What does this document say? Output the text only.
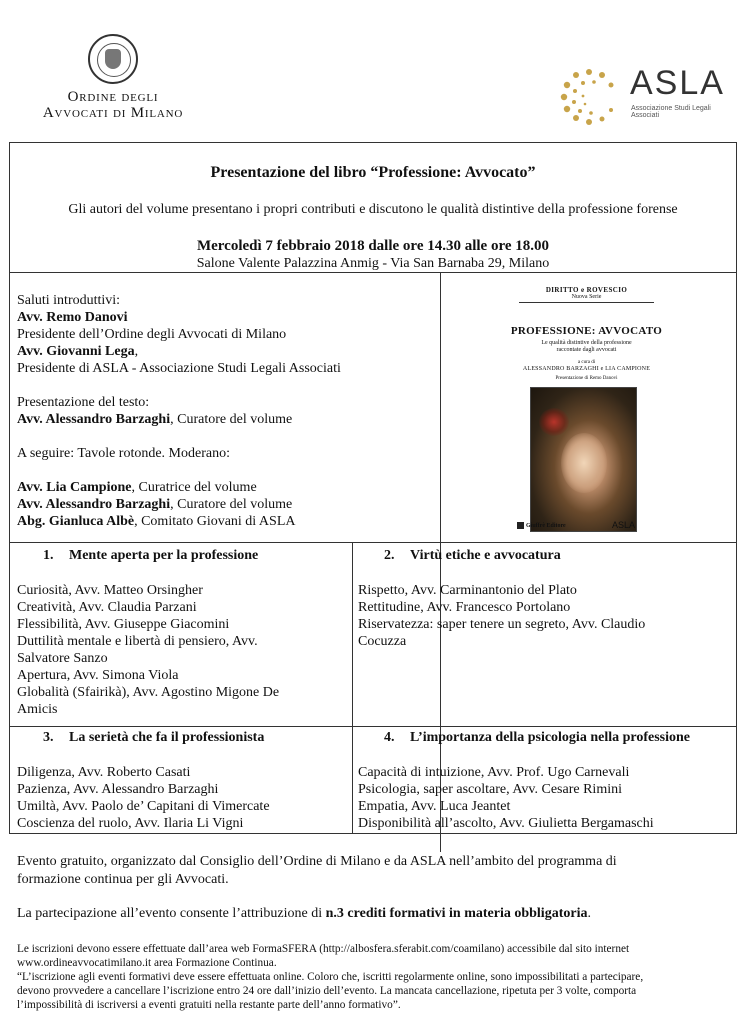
Ordine degli
Avvocati di Milano
ASLA
Associazione Studi Legali Associati
Presentazione del libro “Professione: Avvocato”
Gli autori del volume presentano i propri contributi e discutono le qualità distintive della professione forense
Mercoledì 7 febbraio 2018 dalle ore 14.30 alle ore 18.00
Salone Valente Palazzina Anmig - Via San Barnaba 29, Milano
Saluti introduttivi:
Avv. Remo Danovi
Presidente dell’Ordine degli Avvocati di Milano
Avv. Giovanni Lega,
Presidente di ASLA - Associazione Studi Legali Associati
Presentazione del testo:
Avv. Alessandro Barzaghi, Curatore del volume
A seguire: Tavole rotonde. Moderano:
Avv. Lia Campione, Curatrice del volume
Avv. Alessandro Barzaghi, Curatore del volume
Abg. Gianluca Albè, Comitato Giovani di ASLA
DIRITTO e ROVESCIO
Nuova Serie
PROFESSIONE: AVVOCATO
Le qualità distintive della professione
raccontate dagli avvocati
a cura di
ALESSANDRO BARZAGHI e LIA CAMPIONE
Presentazione di Remo Danovi
Giuffrè Editore	ASLA
1. Mente aperta per la professione
Curiosità, Avv. Matteo Orsingher
Creatività, Avv. Claudia Parzani
Flessibilità, Avv. Giuseppe Giacomini
Duttilità mentale e libertà di pensiero, Avv.
Salvatore Sanzo
Apertura, Avv. Simona Viola
Globalità (Sfairikà), Avv. Agostino Migone De
Amicis
2. Virtù etiche e avvocatura
Rispetto, Avv. Carminantonio del Plato
Rettitudine, Avv. Francesco Portolano
Riservatezza: saper tenere un segreto, Avv. Claudio
Cocuzza
3. La serietà che fa il professionista
Diligenza, Avv. Roberto Casati
Pazienza, Avv. Alessandro Barzaghi
Umiltà, Avv. Paolo de’ Capitani di Vimercate
Coscienza del ruolo, Avv. Ilaria Li Vigni
4. L’importanza della psicologia nella professione
Capacità di intuizione, Avv. Prof. Ugo Carnevali
Psicologia, saper ascoltare, Avv. Cesare Rimini
Empatia, Avv. Luca Jeantet
Disponibilità all’ascolto, Avv. Giulietta Bergamaschi
Evento gratuito, organizzato dal Consiglio dell’Ordine di Milano e da ASLA nell’ambito del programma di
formazione continua per gli Avvocati.
La partecipazione all’evento consente l’attribuzione di n.3 crediti formativi in materia obbligatoria.
Le iscrizioni devono essere effettuate dall’area web FormaSFERA (http://albosfera.sferabit.com/coamilano) accessibile dal sito internet
www.ordineavvocatimilano.it area Formazione Continua.
“L’iscrizione agli eventi formativi deve essere effettuata online. Coloro che, iscritti regolarmente online, sono impossibilitati a partecipare,
devono provvedere a cancellare l’iscrizione entro 24 ore dall’inizio dell’evento. La mancata cancellazione, ripetuta per 3 volte, comporta
l’impossibilità di iscriversi a eventi gratuiti nella restante parte dell’anno formativo”.
